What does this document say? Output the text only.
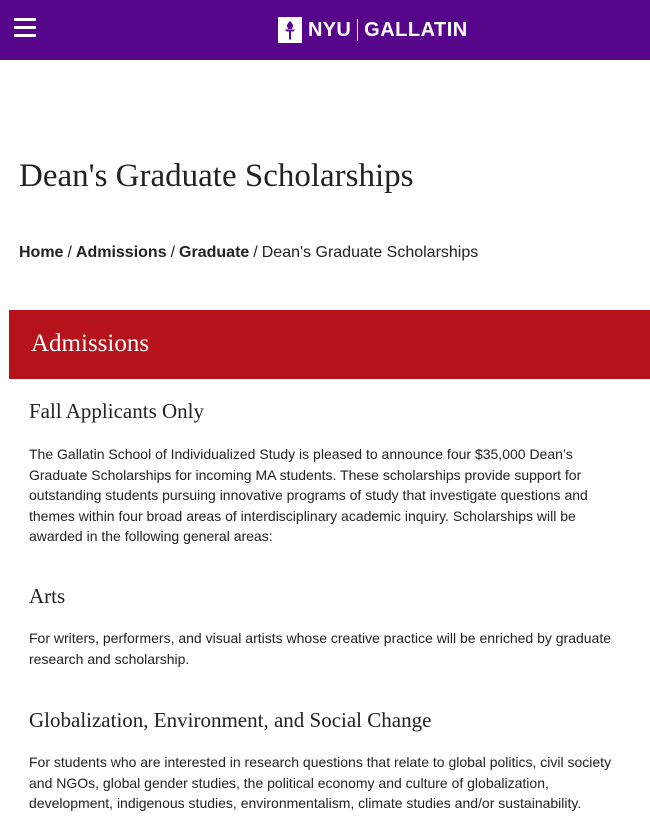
NYU GALLATIN
Dean's Graduate Scholarships
Home / Admissions / Graduate / Dean's Graduate Scholarships
Admissions
Fall Applicants Only

The Gallatin School of Individualized Study is pleased to announce four $35,000 Dean’s Graduate Scholarships for incoming MA students. These scholarships provide support for outstanding students pursuing innovative programs of study that investigate questions and themes within four broad areas of interdisciplinary academic inquiry. Scholarships will be awarded in the following general areas:

Arts

For writers, performers, and visual artists whose creative practice will be enriched by graduate research and scholarship.

Globalization, Environment, and Social Change

For students who are interested in research questions that relate to global politics, civil society and NGOs, global gender studies, the political economy and culture of globalization, development, indigenous studies, environmentalism, climate studies and/or sustainability.
